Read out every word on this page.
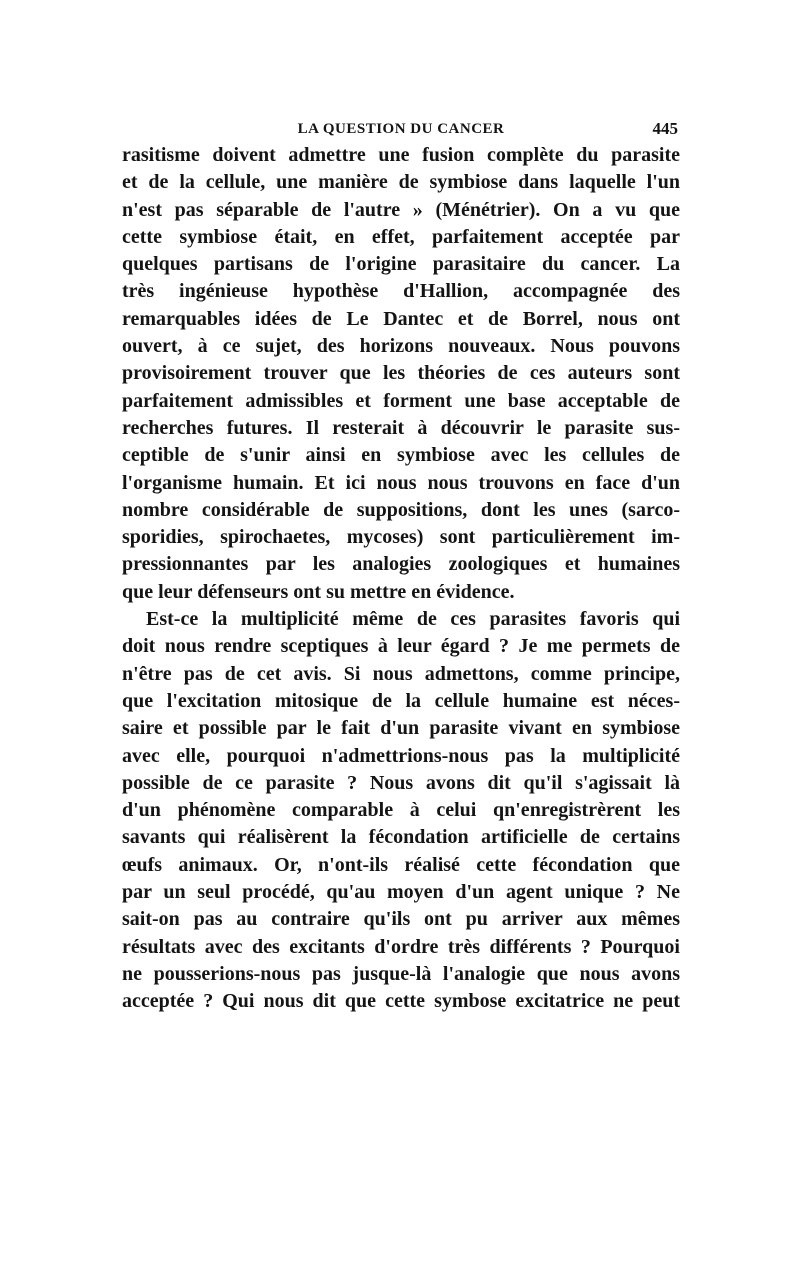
LA QUESTION DU CANCER	445
rasitisme doivent admettre une fusion complète du parasite
et de la cellule, une manière de symbiose dans laquelle l'un
n'est pas séparable de l'autre » (Ménétrier). On a vu que
cette symbiose était, en effet, parfaitement acceptée par
quelques partisans de l'origine parasitaire du cancer. La
très ingénieuse hypothèse d'Hallion, accompagnée des
remarquables idées de Le Dantec et de Borrel, nous ont
ouvert, à ce sujet, des horizons nouveaux. Nous pouvons
provisoirement trouver que les théories de ces auteurs sont
parfaitement admissibles et forment une base acceptable de
recherches futures. Il resterait à découvrir le parasite sus-
ceptible de s'unir ainsi en symbiose avec les cellules de
l'organisme humain. Et ici nous nous trouvons en face d'un
nombre considérable de suppositions, dont les unes (sarco-
sporidies, spirochaetes, mycoses) sont particulièrement im-
pressionnantes par les analogies zoologiques et humaines
que leur défenseurs ont su mettre en évidence.
Est-ce la multiplicité même de ces parasites favoris qui
doit nous rendre sceptiques à leur égard ? Je me permets de
n'être pas de cet avis. Si nous admettons, comme principe,
que l'excitation mitosique de la cellule humaine est néces-
saire et possible par le fait d'un parasite vivant en symbiose
avec elle, pourquoi n'admettrions-nous pas la multiplicité
possible de ce parasite ? Nous avons dit qu'il s'agissait là
d'un phénomène comparable à celui qn'enregistrèrent les
savants qui réalisèrent la fécondation artificielle de certains
œufs animaux. Or, n'ont-ils réalisé cette fécondation que
par un seul procédé, qu'au moyen d'un agent unique ? Ne
sait-on pas au contraire qu'ils ont pu arriver aux mêmes
résultats avec des excitants d'ordre très différents ? Pourquoi
ne pousserions-nous pas jusque-là l'analogie que nous avons
acceptée ? Qui nous dit que cette symbose excitatrice ne peut
